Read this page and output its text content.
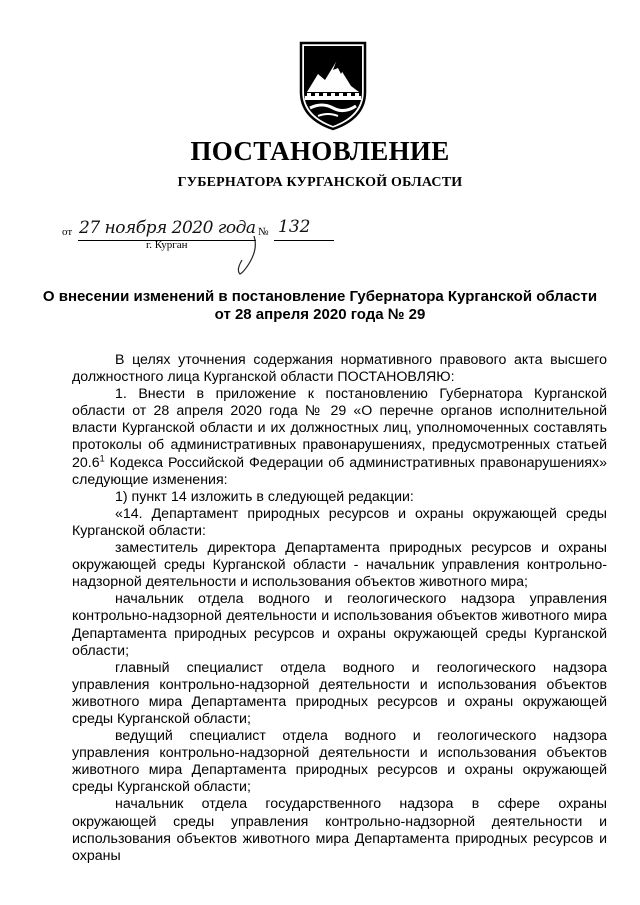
ПОСТАНОВЛЕНИЕ
ГУБЕРНАТОРА КУРГАНСКОЙ ОБЛАСТИ
от 27 ноября 2020 года № 132
г. Курган
О внесении изменений в постановление Губернатора Курганской области
от 28 апреля 2020 года № 29

В целях уточнения содержания нормативного правового акта высшего должностного лица Курганской области ПОСТАНОВЛЯЮ:

1. Внести в приложение к постановлению Губернатора Курганской области от 28 апреля 2020 года № 29 «О перечне органов исполнительной власти Курганской области и их должностных лиц, уполномоченных составлять протоколы об административных правонарушениях, предусмотренных статьей 20.6$^1$ Кодекса Российской Федерации об административных правонарушениях» следующие изменения:

1) пункт 14 изложить в следующей редакции:

«14. Департамент природных ресурсов и охраны окружающей среды Курганской области:

заместитель директора Департамента природных ресурсов и охраны окружающей среды Курганской области - начальник управления контрольно-надзорной деятельности и использования объектов животного мира;

начальник отдела водного и геологического надзора управления контрольно-надзорной деятельности и использования объектов животного мира Департамента природных ресурсов и охраны окружающей среды Курганской области;

главный специалист отдела водного и геологического надзора управления контрольно-надзорной деятельности и использования объектов животного мира Департамента природных ресурсов и охраны окружающей среды Курганской области;

ведущий специалист отдела водного и геологического надзора управления контрольно-надзорной деятельности и использования объектов животного мира Департамента природных ресурсов и охраны окружающей среды Курганской области;

начальник отдела государственного надзора в сфере охраны окружающей среды управления контрольно-надзорной деятельности и использования объектов животного мира Департамента природных ресурсов и охраны
